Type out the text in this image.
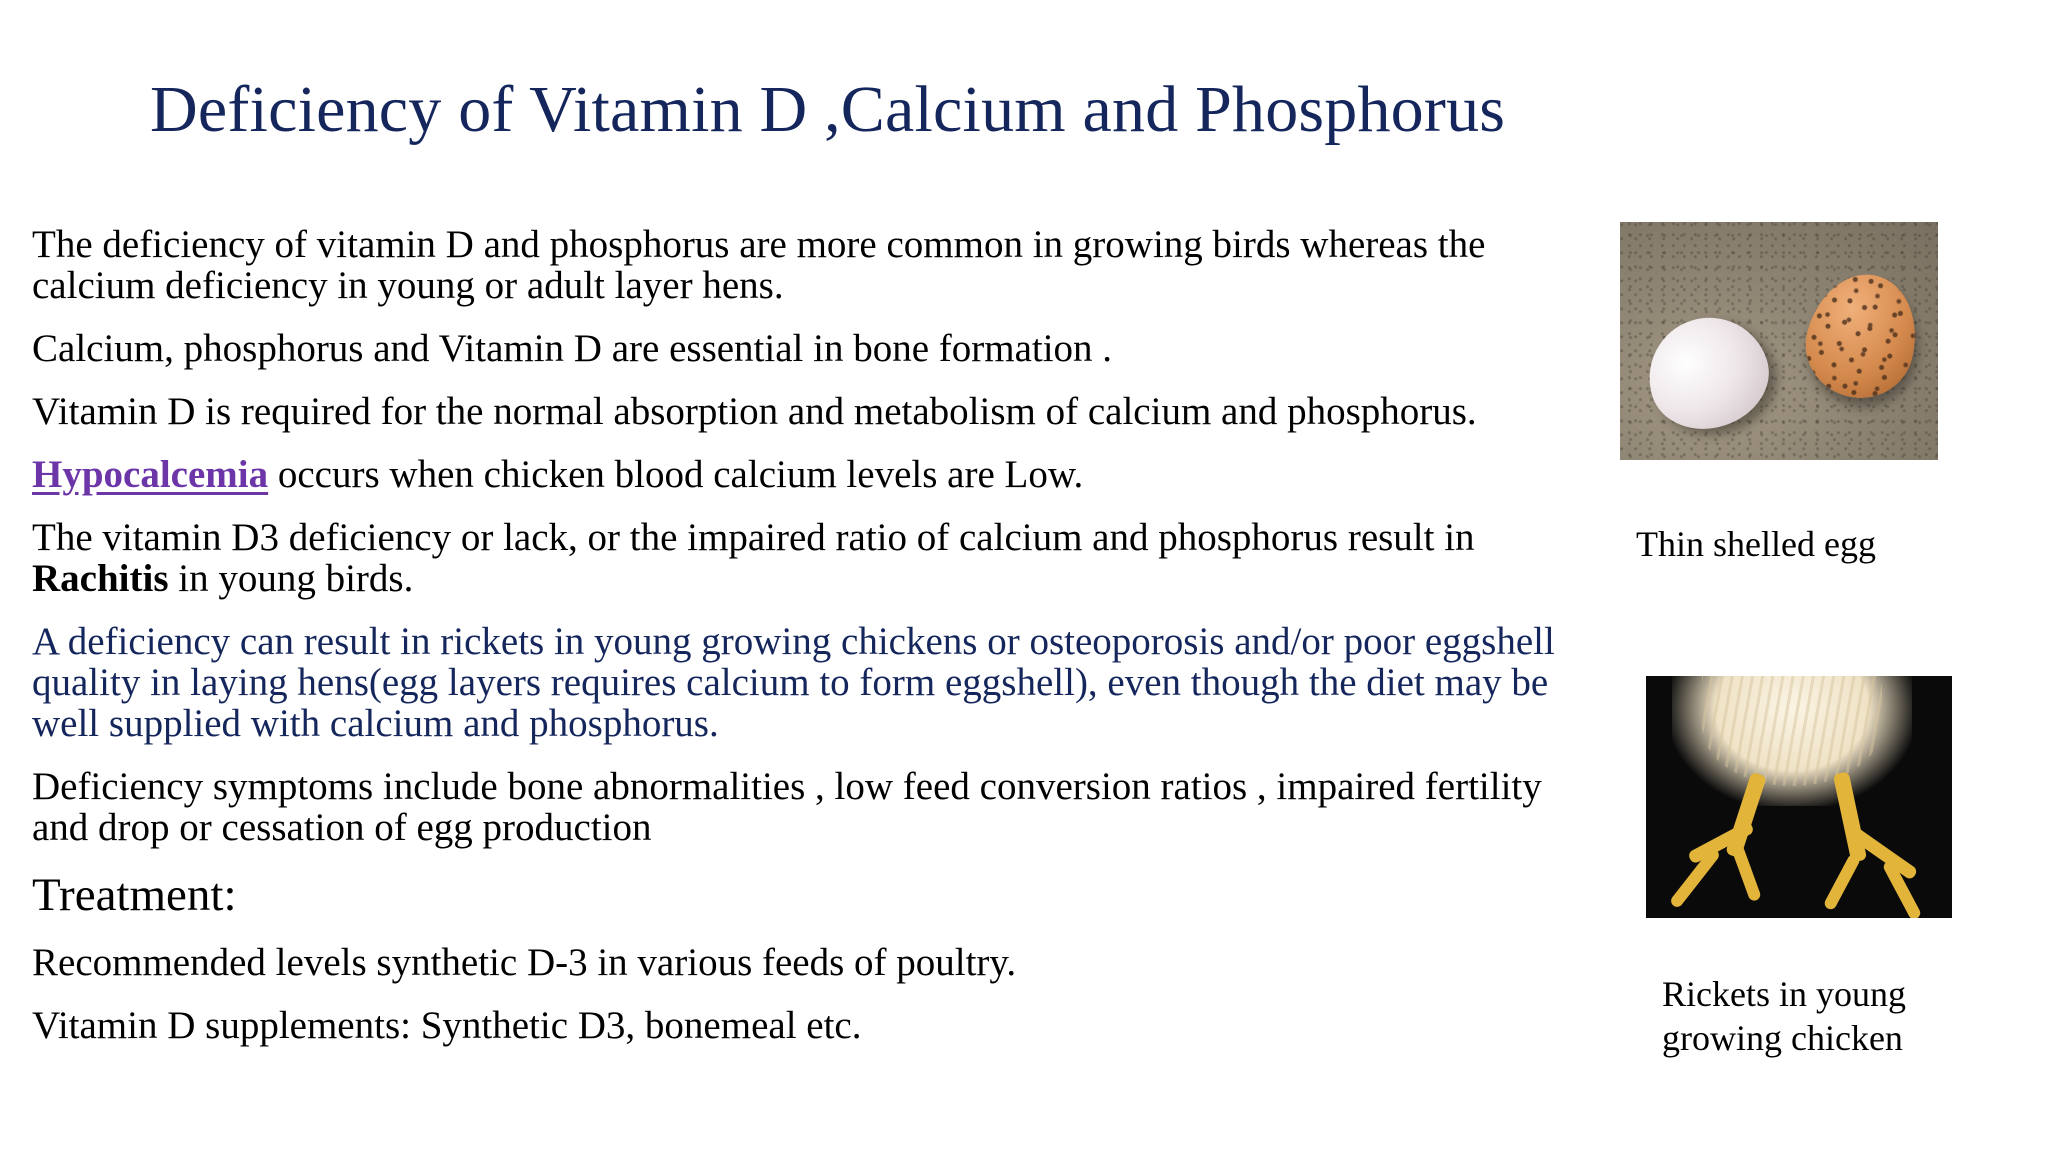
Deficiency of Vitamin D ,Calcium and Phosphorus

The deficiency of vitamin D and phosphorus are more common in growing birds whereas the calcium deficiency in young or adult layer hens.

Calcium, phosphorus and Vitamin D are essential in bone formation .

Vitamin D is required for the normal absorption and metabolism of calcium and phosphorus.

Hypocalcemia occurs when chicken blood calcium levels are Low.

The vitamin D3 deficiency or lack, or the impaired ratio of calcium and phosphorus result in Rachitis in young birds.

A deficiency can result in rickets in young growing chickens or osteoporosis and/or poor eggshell quality in laying hens(egg layers requires calcium to form eggshell), even though the diet may be well supplied with calcium and phosphorus.

Deficiency symptoms include bone abnormalities , low feed conversion ratios , impaired fertility and drop or cessation of egg production

Treatment:

Recommended levels synthetic D-3 in various feeds of poultry.

Vitamin D supplements: Synthetic D3, bonemeal etc.

Thin shelled egg
Rickets in young
growing chicken
